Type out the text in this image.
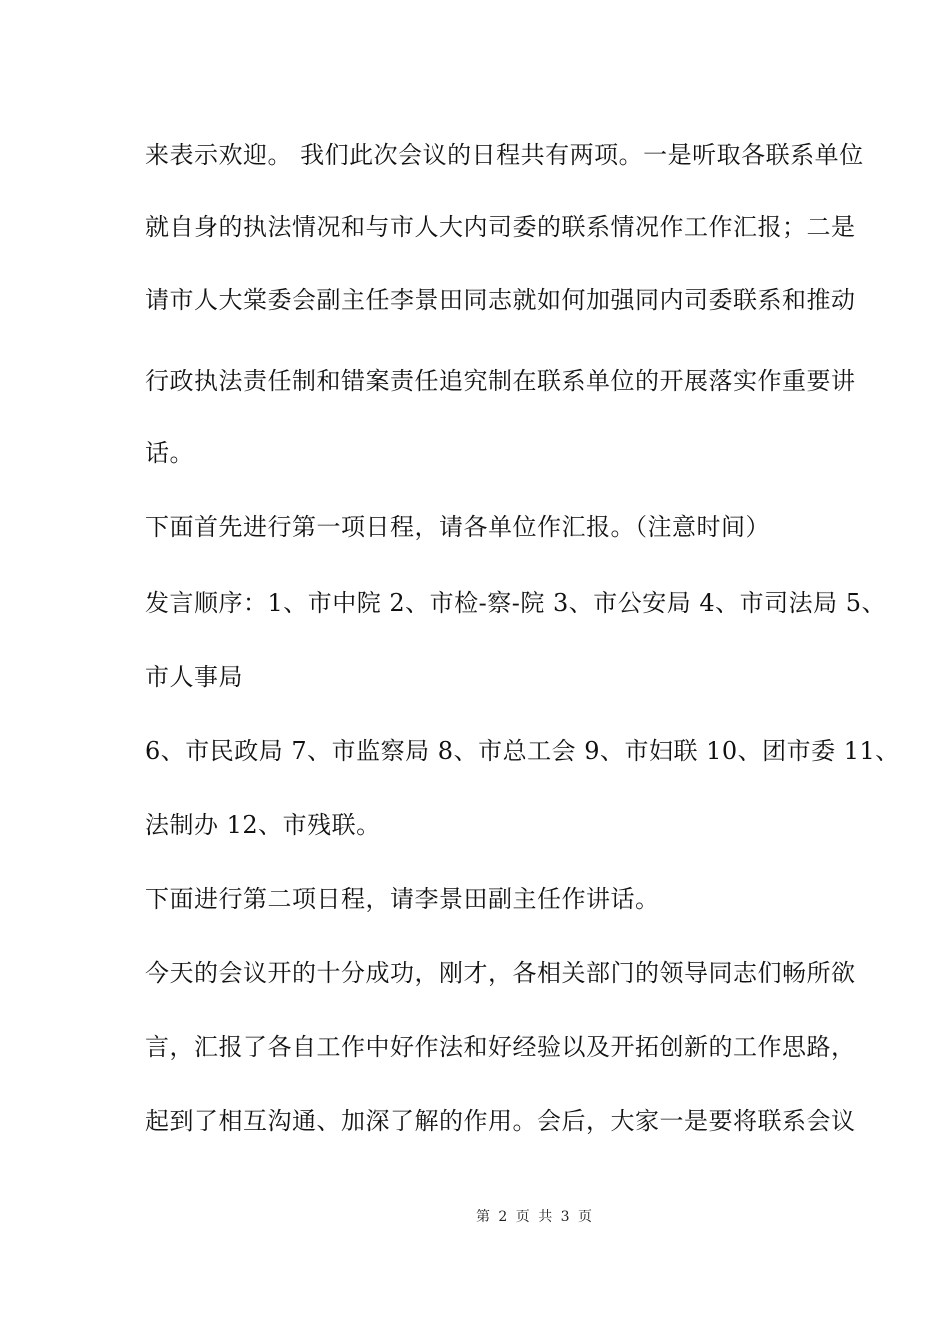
来表示欢迎。 我们此次会议的日程共有两项。一是听取各联系单位
就自身的执法情况和与市人大内司委的联系情况作工作汇报；二是
请市人大棠委会副主任李景田同志就如何加强同内司委联系和推动
行政执法责任制和错案责任追究制在联系单位的开展落实作重要讲
话。
下面首先进行第一项日程，请各单位作汇报。（注意时间）
发言顺序：1、市中院 2、市检-察-院 3、市公安局 4、市司法局 5、
市人事局
6、市民政局 7、市监察局 8、市总工会 9、市妇联 10、团市委 11、
法制办 12、市残联。
下面进行第二项日程，请李景田副主任作讲话。
今天的会议开的十分成功，刚才，各相关部门的领导同志们畅所欲
言，汇报了各自工作中好作法和好经验以及开拓创新的工作思路，
起到了相互沟通、加深了解的作用。会后，大家一是要将联系会议
第 2 页 共 3 页
